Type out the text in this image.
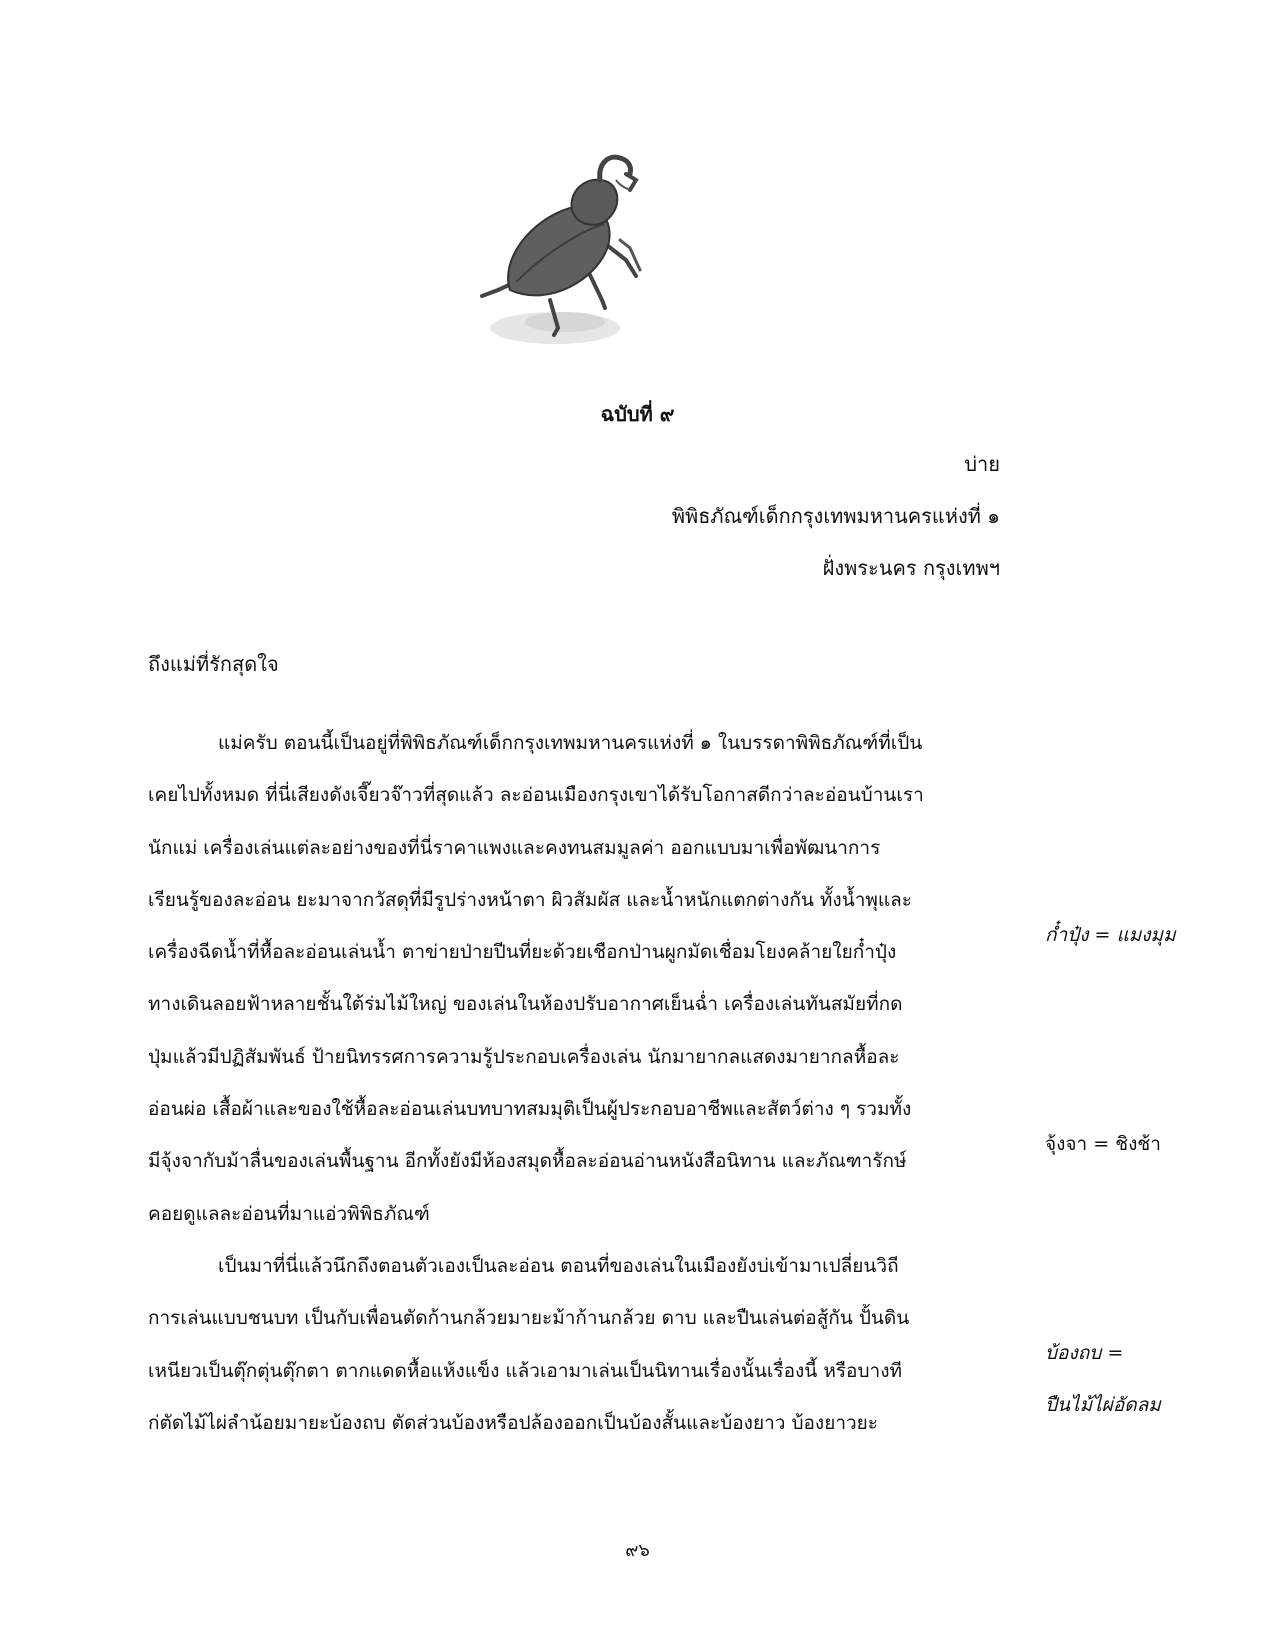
ฉบับที่ ๙
บ่าย
พิพิธภัณฑ์เด็กกรุงเทพมหานครแห่งที่ ๑
ฝั่งพระนคร กรุงเทพฯ
ถึงแม่ที่รักสุดใจ
แม่ครับ ตอนนี้เป็นอยู่ที่พิพิธภัณฑ์เด็กกรุงเทพมหานครแห่งที่ ๑ ในบรรดาพิพิธภัณฑ์ที่เป็น
เคยไปทั้งหมด ที่นี่เสียงดังเจี๊ยวจ๊าวที่สุดแล้ว ละอ่อนเมืองกรุงเขาได้รับโอกาสดีกว่าละอ่อนบ้านเรา
นักแม่ เครื่องเล่นแต่ละอย่างของที่นี่ราคาแพงและคงทนสมมูลค่า ออกแบบมาเพื่อพัฒนาการ
เรียนรู้ของละอ่อน ยะมาจากวัสดุที่มีรูปร่างหน้าตา ผิวสัมผัส และน้ำหนักแตกต่างกัน ทั้งน้ำพุและ
เครื่องฉีดน้ำที่หื้อละอ่อนเล่นน้ำ ตาข่ายป่ายปีนที่ยะด้วยเชือกป่านผูกมัดเชื่อมโยงคล้ายใยก๋ำปุ๋ง
ทางเดินลอยฟ้าหลายชั้นใต้ร่มไม้ใหญ่ ของเล่นในห้องปรับอากาศเย็นฉ่ำ เครื่องเล่นทันสมัยที่กด
ปุ่มแล้วมีปฏิสัมพันธ์ ป้ายนิทรรศการความรู้ประกอบเครื่องเล่น นักมายากลแสดงมายากลหื้อละ
อ่อนผ่อ เสื้อผ้าและของใช้หื้อละอ่อนเล่นบทบาทสมมุติเป็นผู้ประกอบอาชีพและสัตว์ต่าง ๆ รวมทั้ง
มีจุ้งจากับม้าลื่นของเล่นพื้นฐาน อีกทั้งยังมีห้องสมุดหื้อละอ่อนอ่านหนังสือนิทาน และภัณฑารักษ์
คอยดูแลละอ่อนที่มาแอ่วพิพิธภัณฑ์
เป็นมาที่นี่แล้วนึกถึงตอนตัวเองเป็นละอ่อน ตอนที่ของเล่นในเมืองยังบ่เข้ามาเปลี่ยนวิถี
การเล่นแบบชนบท เป็นกับเพื่อนตัดก้านกล้วยมายะม้าก้านกล้วย ดาบ และปืนเล่นต่อสู้กัน ปั้นดิน
เหนียวเป็นตุ๊กตุ่นตุ๊กตา ตากแดดหื้อแห้งแข็ง แล้วเอามาเล่นเป็นนิทานเรื่องนั้นเรื่องนี้ หรือบางที
ก่ตัดไม้ไผ่ลำน้อยมายะบ้องถบ ตัดส่วนบ้องหรือปล้องออกเป็นบ้องสั้นและบ้องยาว บ้องยาวยะ
ก๋ำปุ๋ง = แมงมุม
จุ้งจา = ชิงช้า
บ้องถบ =
ปืนไม้ไผ่อัดลม
๙๖
